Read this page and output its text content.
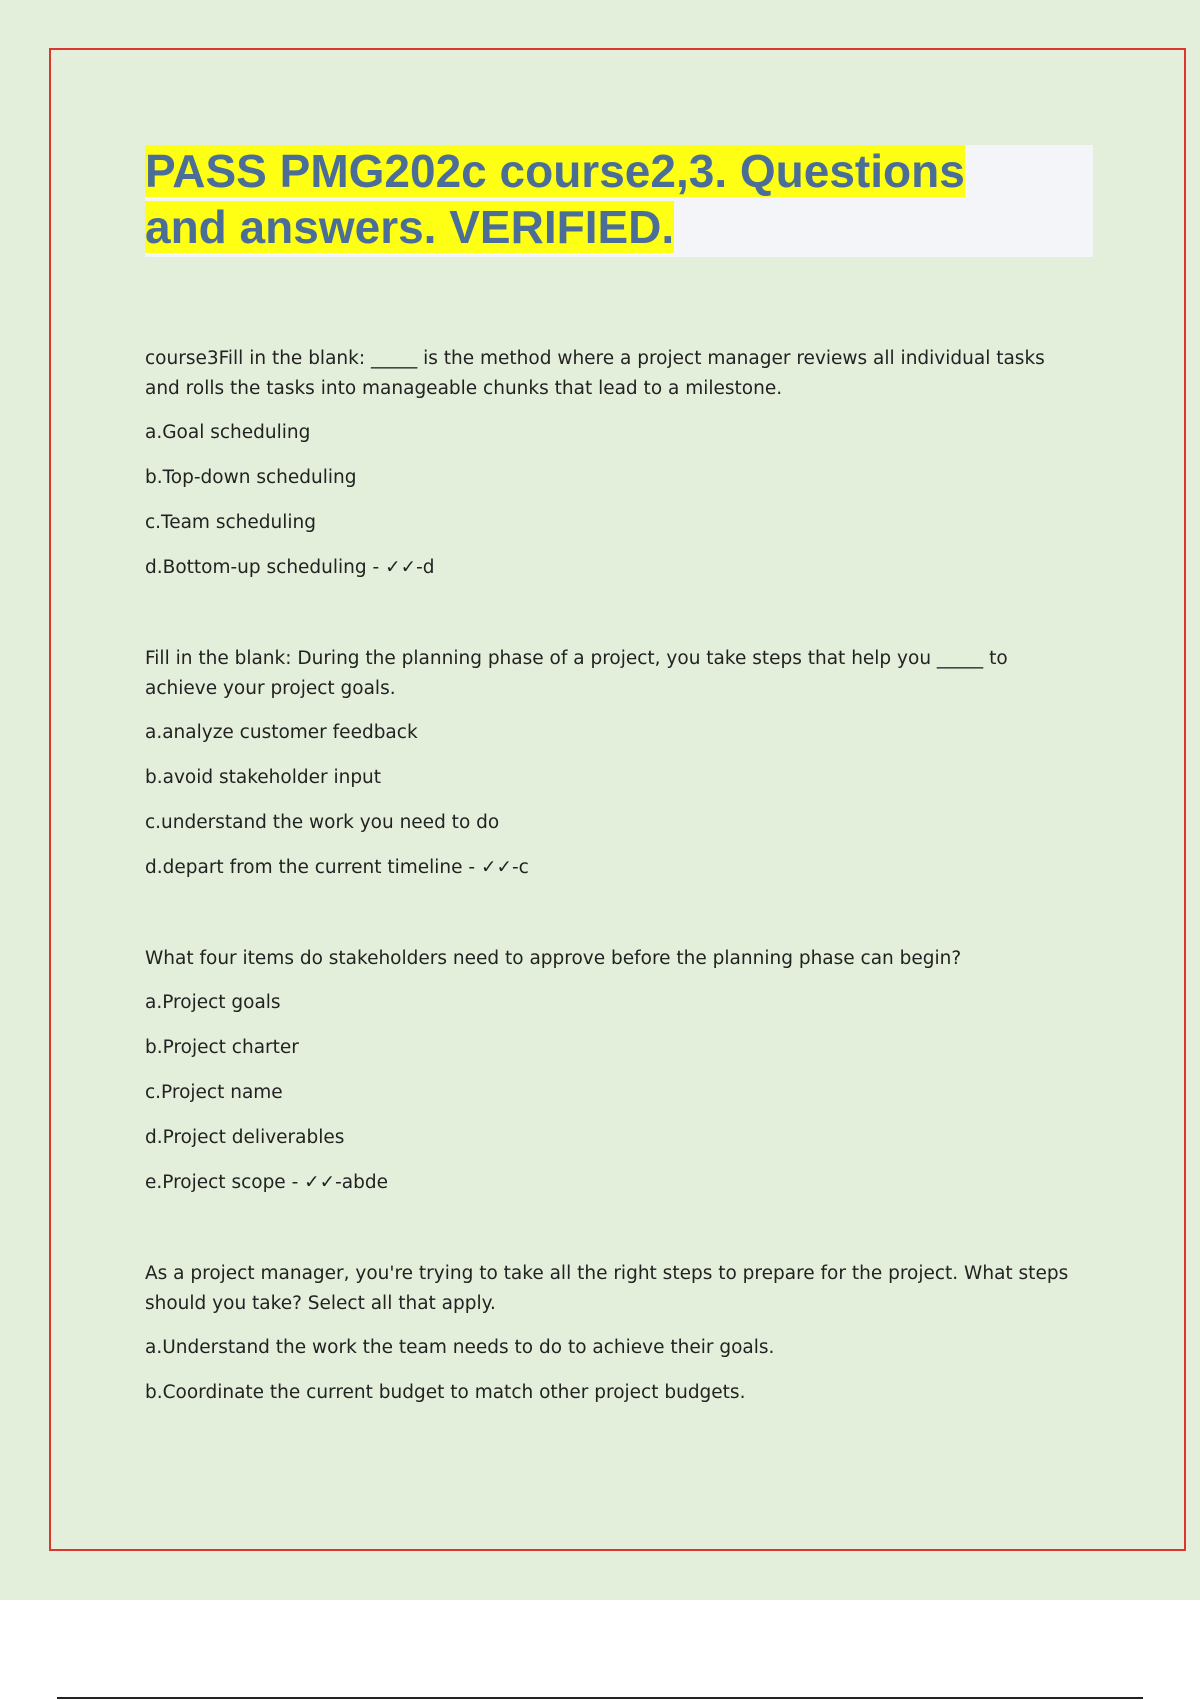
PASS PMG202c course2,3. Questions
and answers. VERIFIED.

course3Fill in the blank: _____ is the method where a project manager reviews all individual tasks and rolls the tasks into manageable chunks that lead to a milestone.

a.Goal scheduling

b.Top-down scheduling

c.Team scheduling

d.Bottom-up scheduling - ✓✓-d

Fill in the blank: During the planning phase of a project, you take steps that help you _____ to achieve your project goals.

a.analyze customer feedback

b.avoid stakeholder input

c.understand the work you need to do

d.depart from the current timeline - ✓✓-c

What four items do stakeholders need to approve before the planning phase can begin?

a.Project goals

b.Project charter

c.Project name

d.Project deliverables

e.Project scope - ✓✓-abde

As a project manager, you're trying to take all the right steps to prepare for the project. What steps should you take? Select all that apply.

a.Understand the work the team needs to do to achieve their goals.

b.Coordinate the current budget to match other project budgets.
